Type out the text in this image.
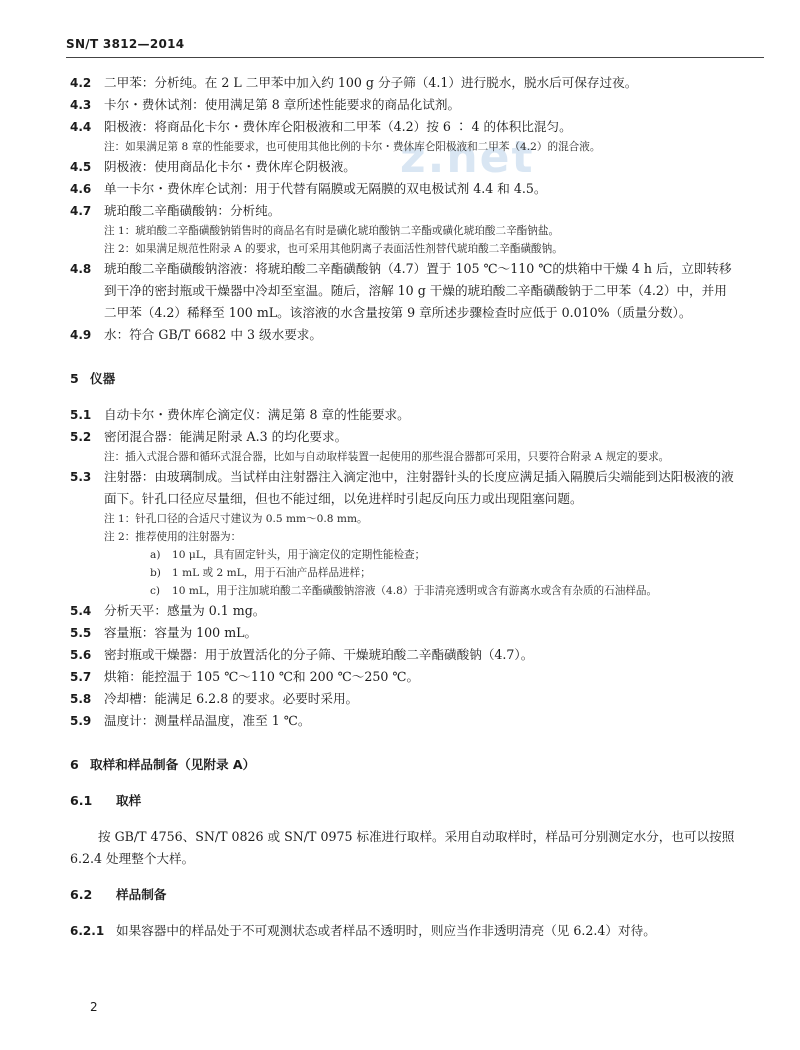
SN/T 3812—2014
z.net
4.2 二甲苯：分析纯。在 2 L 二甲苯中加入约 100 g 分子筛（4.1）进行脱水，脱水后可保存过夜。
4.3 卡尔・费休试剂：使用满足第 8 章所述性能要求的商品化试剂。
4.4 阳极液：将商品化卡尔・费休库仑阳极液和二甲苯（4.2）按 6 ∶ 4 的体积比混匀。
注：如果满足第 8 章的性能要求，也可使用其他比例的卡尔・费休库仑阳极液和二甲苯（4.2）的混合液。
4.5 阴极液：使用商品化卡尔・费休库仑阴极液。
4.6 单一卡尔・费休库仑试剂：用于代替有隔膜或无隔膜的双电极试剂 4.4 和 4.5。
4.7 琥珀酸二辛酯磺酸钠：分析纯。
注 1：琥珀酸二辛酯磺酸钠销售时的商品名有时是磺化琥珀酸钠二辛酯或磺化琥珀酸二辛酯钠盐。
注 2：如果满足规范性附录 A 的要求，也可采用其他阴离子表面活性剂替代琥珀酸二辛酯磺酸钠。
4.8 琥珀酸二辛酯磺酸钠溶液：将琥珀酸二辛酯磺酸钠（4.7）置于 105 ℃～110 ℃的烘箱中干燥 4 h 后，立即转移到干净的密封瓶或干燥器中冷却至室温。随后，溶解 10 g 干燥的琥珀酸二辛酯磺酸钠于二甲苯（4.2）中，并用二甲苯（4.2）稀释至 100 mL。该溶液的水含量按第 9 章所述步骤检查时应低于 0.010%（质量分数）。
4.9 水：符合 GB/T 6682 中 3 级水要求。
5 仪器
5.1 自动卡尔・费休库仑滴定仪：满足第 8 章的性能要求。
5.2 密闭混合器：能满足附录 A.3 的均化要求。
注：插入式混合器和循环式混合器，比如与自动取样装置一起使用的那些混合器都可采用，只要符合附录 A 规定的要求。
5.3 注射器：由玻璃制成。当试样由注射器注入滴定池中，注射器针头的长度应满足插入隔膜后尖端能到达阳极液的液面下。针孔口径应尽量细，但也不能过细，以免进样时引起反向压力或出现阻塞问题。
注 1：针孔口径的合适尺寸建议为 0.5 mm～0.8 mm。
注 2：推荐使用的注射器为：
a) 10 μL，具有固定针头，用于滴定仪的定期性能检查；
b) 1 mL 或 2 mL，用于石油产品样品进样；
c) 10 mL，用于注加琥珀酸二辛酯磺酸钠溶液（4.8）于非清亮透明或含有游离水或含有杂质的石油样品。
5.4 分析天平：感量为 0.1 mg。
5.5 容量瓶：容量为 100 mL。
5.6 密封瓶或干燥器：用于放置活化的分子筛、干燥琥珀酸二辛酯磺酸钠（4.7）。
5.7 烘箱：能控温于 105 ℃～110 ℃和 200 ℃～250 ℃。
5.8 冷却槽：能满足 6.2.8 的要求。必要时采用。
5.9 温度计：测量样品温度，准至 1 ℃。
6 取样和样品制备（见附录 A）
6.1 取样
按 GB/T 4756、SN/T 0826 或 SN/T 0975 标准进行取样。采用自动取样时，样品可分别测定水分，也可以按照 6.2.4 处理整个大样。
6.2 样品制备
6.2.1 如果容器中的样品处于不可观测状态或者样品不透明时，则应当作非透明清亮（见 6.2.4）对待。
2
